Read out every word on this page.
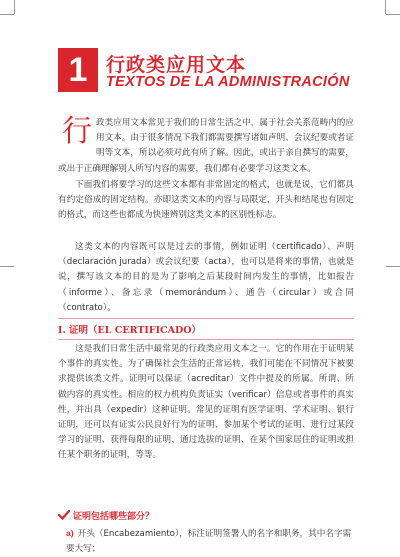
1 行政类应用文本
TEXTOS DE LA ADMINISTRACIÓN
行政类应用文本常见于我们的日常生活之中，属于社会关系范畴内的应用文本。由于很多情况下我们都需要撰写诸如声明、会议纪要或者证明等文本，所以必须对此有所了解。因此，或出于亲自撰写的需要，或出于正确理解别人所写内容的需要，我们都有必要学习这类文本。

下面我们将要学习的这些文本都有非常固定的格式，也就是说，它们都具有约定俗成的固定结构。亦即这类文本的内容与局限定，开头和结尾也有固定的格式，而这些也都成为快速辨别这类文本的区别性标志。

这类文本的内容既可以是过去的事情，例如证明（certificado）、声明（declaración jurada）或会议纪要（acta），也可以是将来的事情，也就是说，撰写该文本的目的是为了影响之后某段时间内发生的事情，比如报告（informe）、备忘录（memorándum）、通告（circular）或合同（contrato）。

I. 证明（EL CERTIFICADO）

这是我们日常生活中最常见的行政类应用文本之一。它的作用在于证明某个事件的真实性。为了确保社会生活的正常运转，我们可能在不同情况下被要求提供该类文件。证明可以保证（acreditar）文件中提及的所属。所谓、所做内容的真实性。相应的权力机构负责证实（verificar）信息或者事件的真实性，并出具（expedir）这种证明。常见的证明有医学证明、学术证明、银行证明，还可以有证实公民良好行为的证明、参加某个考试的证明、进行过某段学习的证明、获得每限的证明、通过选拔的证明、在某个国家居住的证明或担任某个职务的证明，等等。

证明包括哪些部分？
a) 开头（Encabezamiento），标注证明签署人的名字和职务，其中名字需要大写；
